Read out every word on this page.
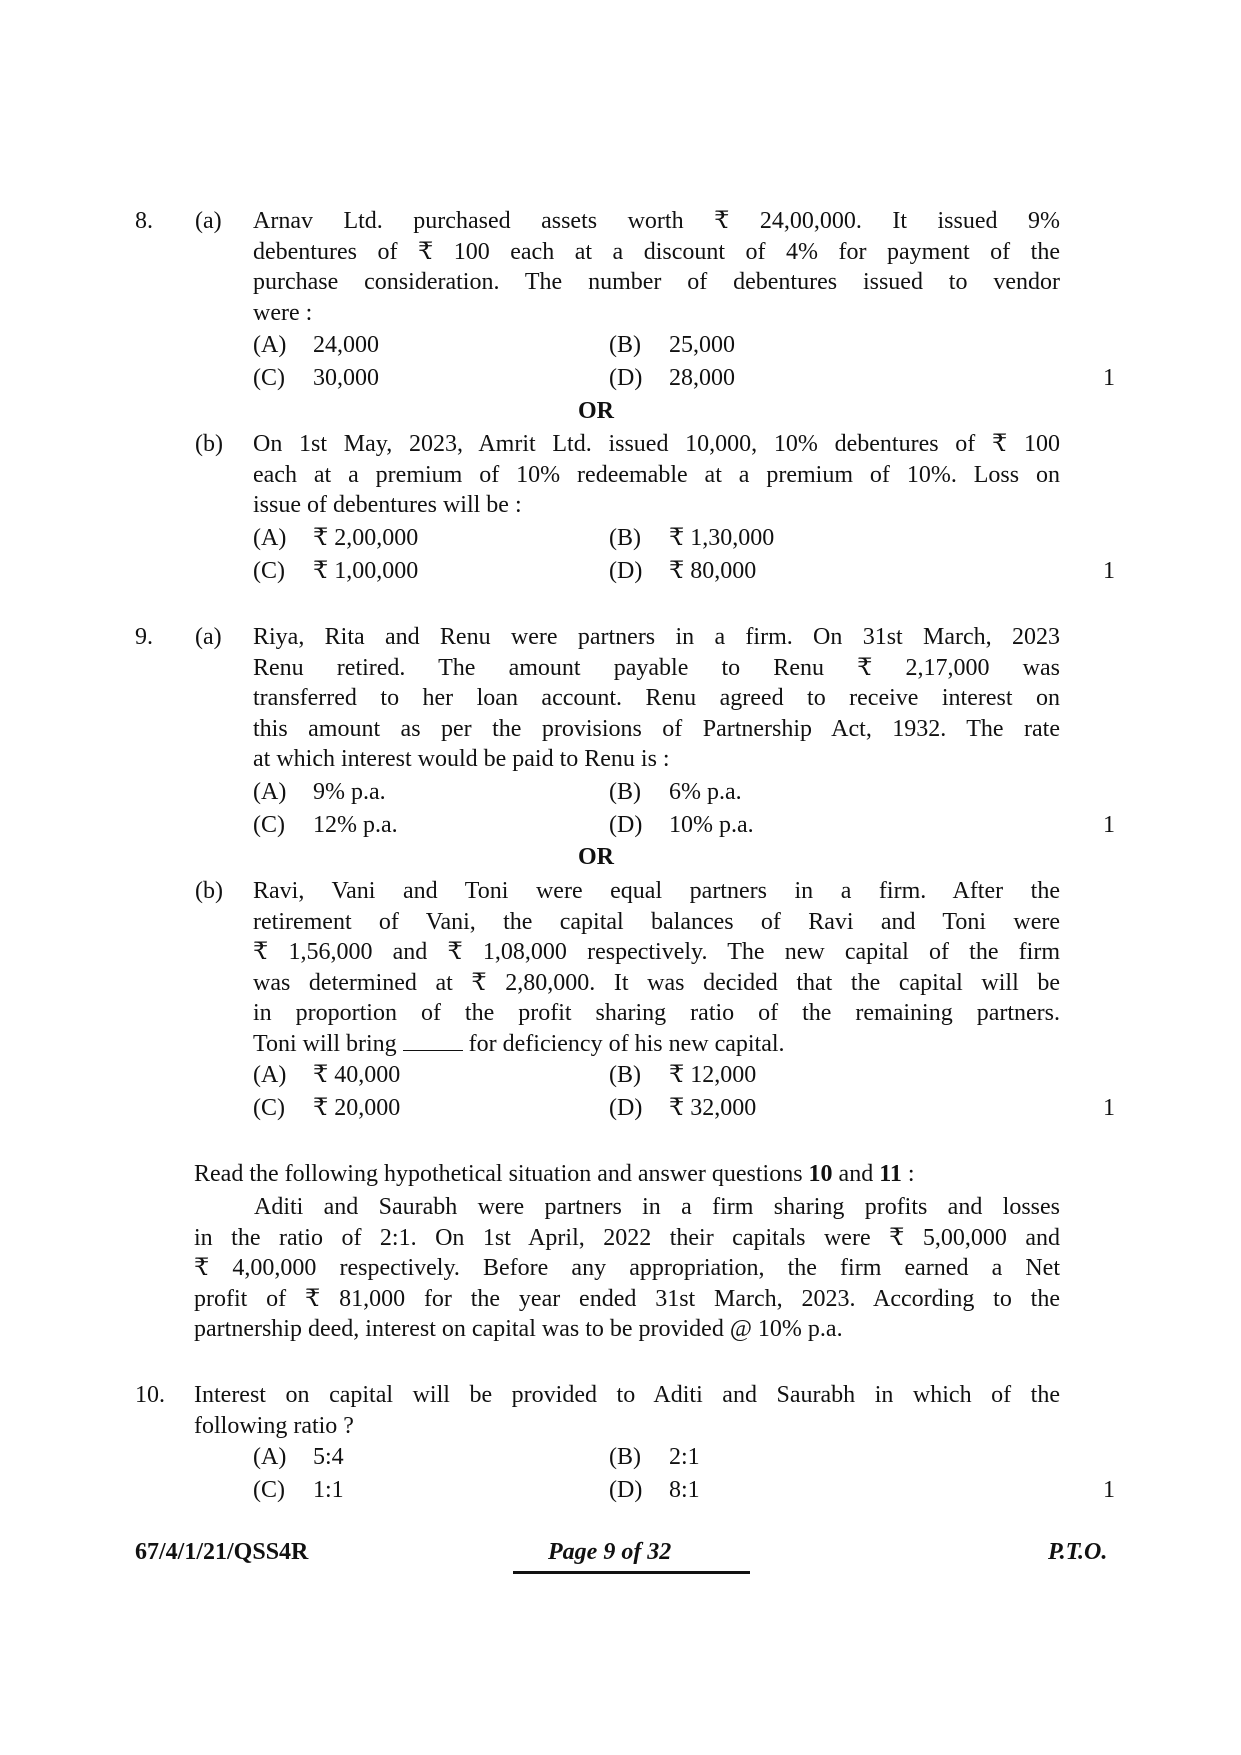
8. (a) Arnav Ltd. purchased assets worth ₹ 24,00,000. It issued 9%
debentures of ₹ 100 each at a discount of 4% for payment of the
purchase consideration. The number of debentures issued to vendor
were :
(A) 24,000	(B) 25,000
(C) 30,000	(D) 28,000	1
OR
(b) On 1st May, 2023, Amrit Ltd. issued 10,000, 10% debentures of ₹ 100
each at a premium of 10% redeemable at a premium of 10%. Loss on
issue of debentures will be :
(A) ₹ 2,00,000	(B) ₹ 1,30,000
(C) ₹ 1,00,000	(D) ₹ 80,000	1
9. (a) Riya, Rita and Renu were partners in a firm. On 31st March, 2023
Renu retired. The amount payable to Renu ₹ 2,17,000 was
transferred to her loan account. Renu agreed to receive interest on
this amount as per the provisions of Partnership Act, 1932. The rate
at which interest would be paid to Renu is :
(A) 9% p.a.	(B) 6% p.a.
(C) 12% p.a.	(D) 10% p.a.	1
OR
(b) Ravi, Vani and Toni were equal partners in a firm. After the
retirement of Vani, the capital balances of Ravi and Toni were
₹ 1,56,000 and ₹ 1,08,000 respectively. The new capital of the firm
was determined at ₹ 2,80,000. It was decided that the capital will be
in proportion of the profit sharing ratio of the remaining partners.
Toni will bring	for deficiency of his new capital.
(A) ₹ 40,000	(B) ₹ 12,000
(C) ₹ 20,000	(D) ₹ 32,000	1
Read the following hypothetical situation and answer questions 10 and 11 :
Aditi and Saurabh were partners in a firm sharing profits and losses
in the ratio of 2:1. On 1st April, 2022 their capitals were ₹ 5,00,000 and
₹ 4,00,000 respectively. Before any appropriation, the firm earned a Net
profit of ₹ 81,000 for the year ended 31st March, 2023. According to the
partnership deed, interest on capital was to be provided @ 10% p.a.
10. Interest on capital will be provided to Aditi and Saurabh in which of the
following ratio ?
(A) 5:4	(B) 2:1
(C) 1:1	(D) 8:1	1
67/4/1/21/QSS4R	Page 9 of 32	P.T.O.
